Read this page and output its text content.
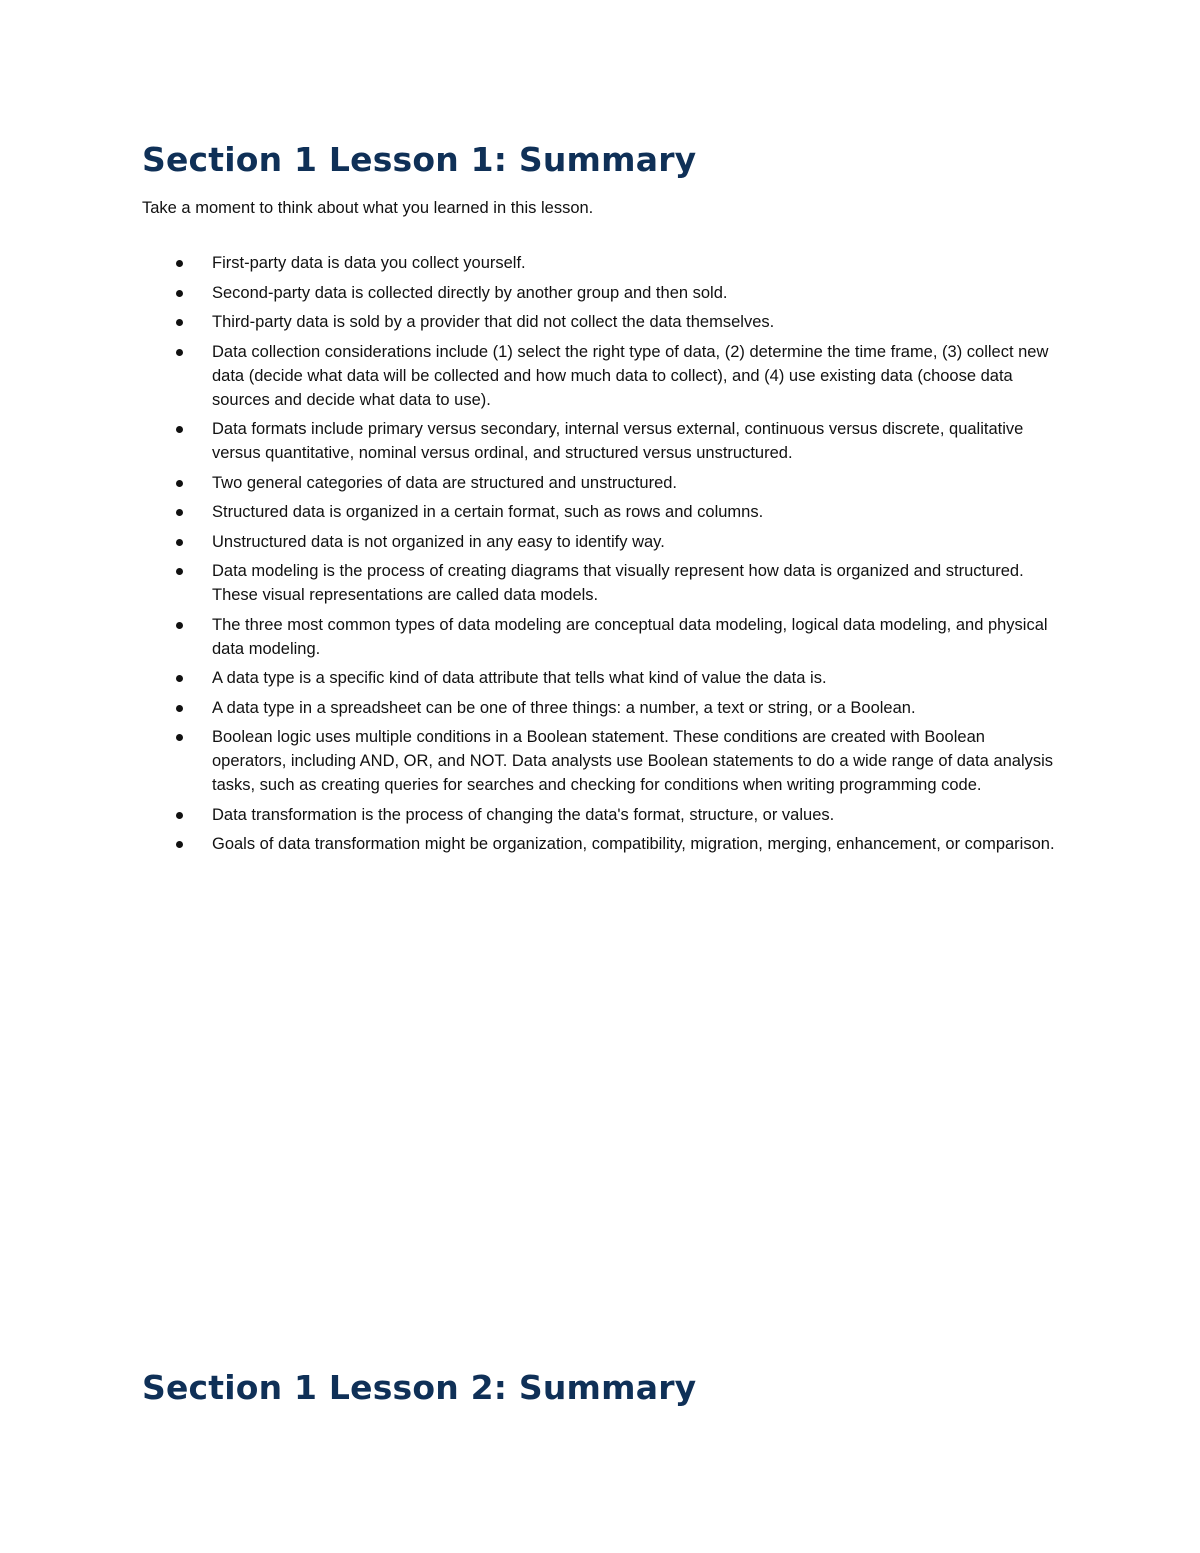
Section 1 Lesson 1: Summary

Take a moment to think about what you learned in this lesson.

First-party data is data you collect yourself.
Second-party data is collected directly by another group and then sold.
Third-party data is sold by a provider that did not collect the data themselves.
Data collection considerations include (1) select the right type of data, (2) determine the time frame, (3) collect new data (decide what data will be collected and how much data to collect), and (4) use existing data (choose data sources and decide what data to use).
Data formats include primary versus secondary, internal versus external, continuous versus discrete, qualitative versus quantitative, nominal versus ordinal, and structured versus unstructured.
Two general categories of data are structured and unstructured.
Structured data is organized in a certain format, such as rows and columns.
Unstructured data is not organized in any easy to identify way.
Data modeling is the process of creating diagrams that visually represent how data is organized and structured. These visual representations are called data models.
The three most common types of data modeling are conceptual data modeling, logical data modeling, and physical data modeling.
A data type is a specific kind of data attribute that tells what kind of value the data is.
A data type in a spreadsheet can be one of three things: a number, a text or string, or a Boolean.
Boolean logic uses multiple conditions in a Boolean statement. These conditions are created with Boolean operators, including AND, OR, and NOT. Data analysts use Boolean statements to do a wide range of data analysis tasks, such as creating queries for searches and checking for conditions when writing programming code.
Data transformation is the process of changing the data's format, structure, or values.
Goals of data transformation might be organization, compatibility, migration, merging, enhancement, or comparison.
Section 1 Lesson 2: Summary
